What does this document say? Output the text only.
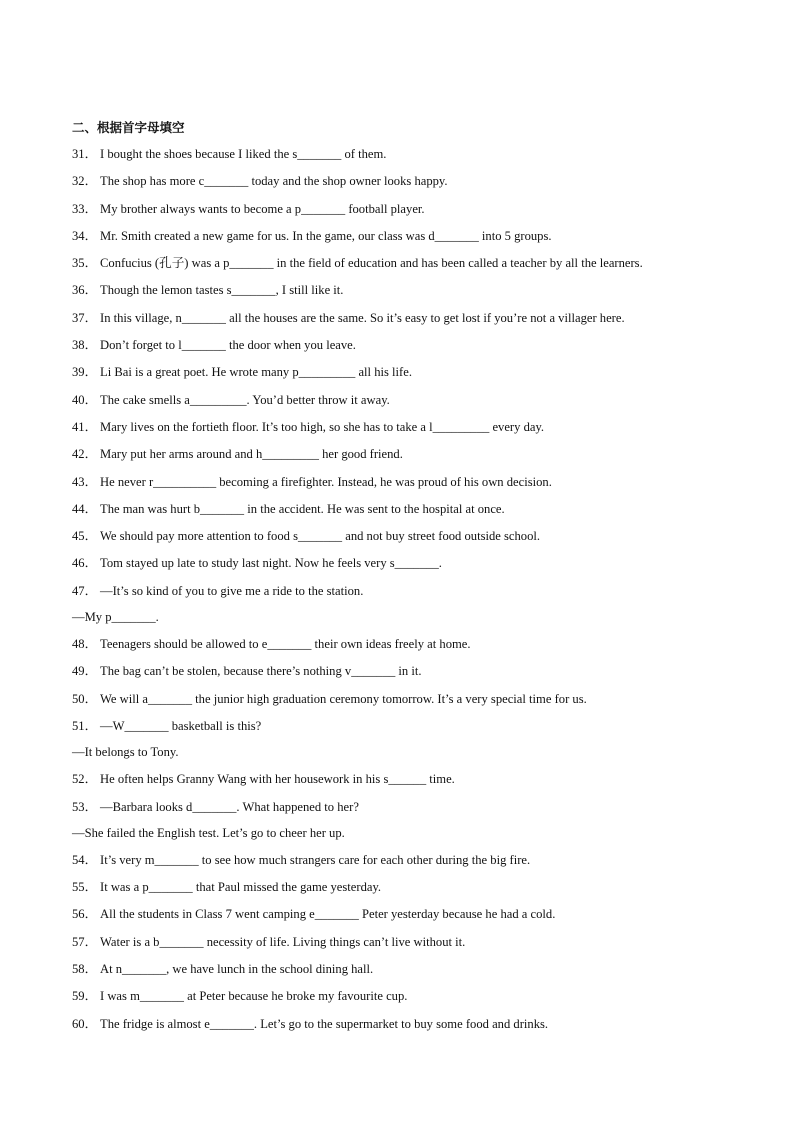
二、根据首字母填空
31． I bought the shoes because I liked the s_______ of them.
32． The shop has more c_______ today and the shop owner looks happy.
33． My brother always wants to become a p_______ football player.
34． Mr. Smith created a new game for us. In the game, our class was d_______ into 5 groups.
35． Confucius (孔子) was a p_______ in the field of education and has been called a teacher by all the learners.
36． Though the lemon tastes s_______, I still like it.
37． In this village, n_______ all the houses are the same. So it’s easy to get lost if you’re not a villager here.
38． Don’t forget to l_______ the door when you leave.
39． Li Bai is a great poet. He wrote many p_________ all his life.
40． The cake smells a_________. You’d better throw it away.
41． Mary lives on the fortieth floor. It’s too high, so she has to take a l_________ every day.
42． Mary put her arms around and h_________ her good friend.
43． He never r__________ becoming a firefighter. Instead, he was proud of his own decision.
44． The man was hurt b_______ in the accident. He was sent to the hospital at once.
45． We should pay more attention to food s_______ and not buy street food outside school.
46． Tom stayed up late to study last night. Now he feels very s_______.
47． —It’s so kind of you to give me a ride to the station.
—My p_______.
48． Teenagers should be allowed to e_______ their own ideas freely at home.
49． The bag can’t be stolen, because there’s nothing v_______ in it.
50． We will a_______ the junior high graduation ceremony tomorrow. It’s a very special time for us.
51． —W_______ basketball is this?
—It belongs to Tony.
52． He often helps Granny Wang with her housework in his s______ time.
53． —Barbara looks d_______. What happened to her?
—She failed the English test. Let’s go to cheer her up.
54． It’s very m_______ to see how much strangers care for each other during the big fire.
55． It was a p_______ that Paul missed the game yesterday.
56． All the students in Class 7 went camping e_______ Peter yesterday because he had a cold.
57． Water is a b_______ necessity of life. Living things can’t live without it.
58． At n_______, we have lunch in the school dining hall.
59． I was m_______ at Peter because he broke my favourite cup.
60． The fridge is almost e_______. Let’s go to the supermarket to buy some food and drinks.
